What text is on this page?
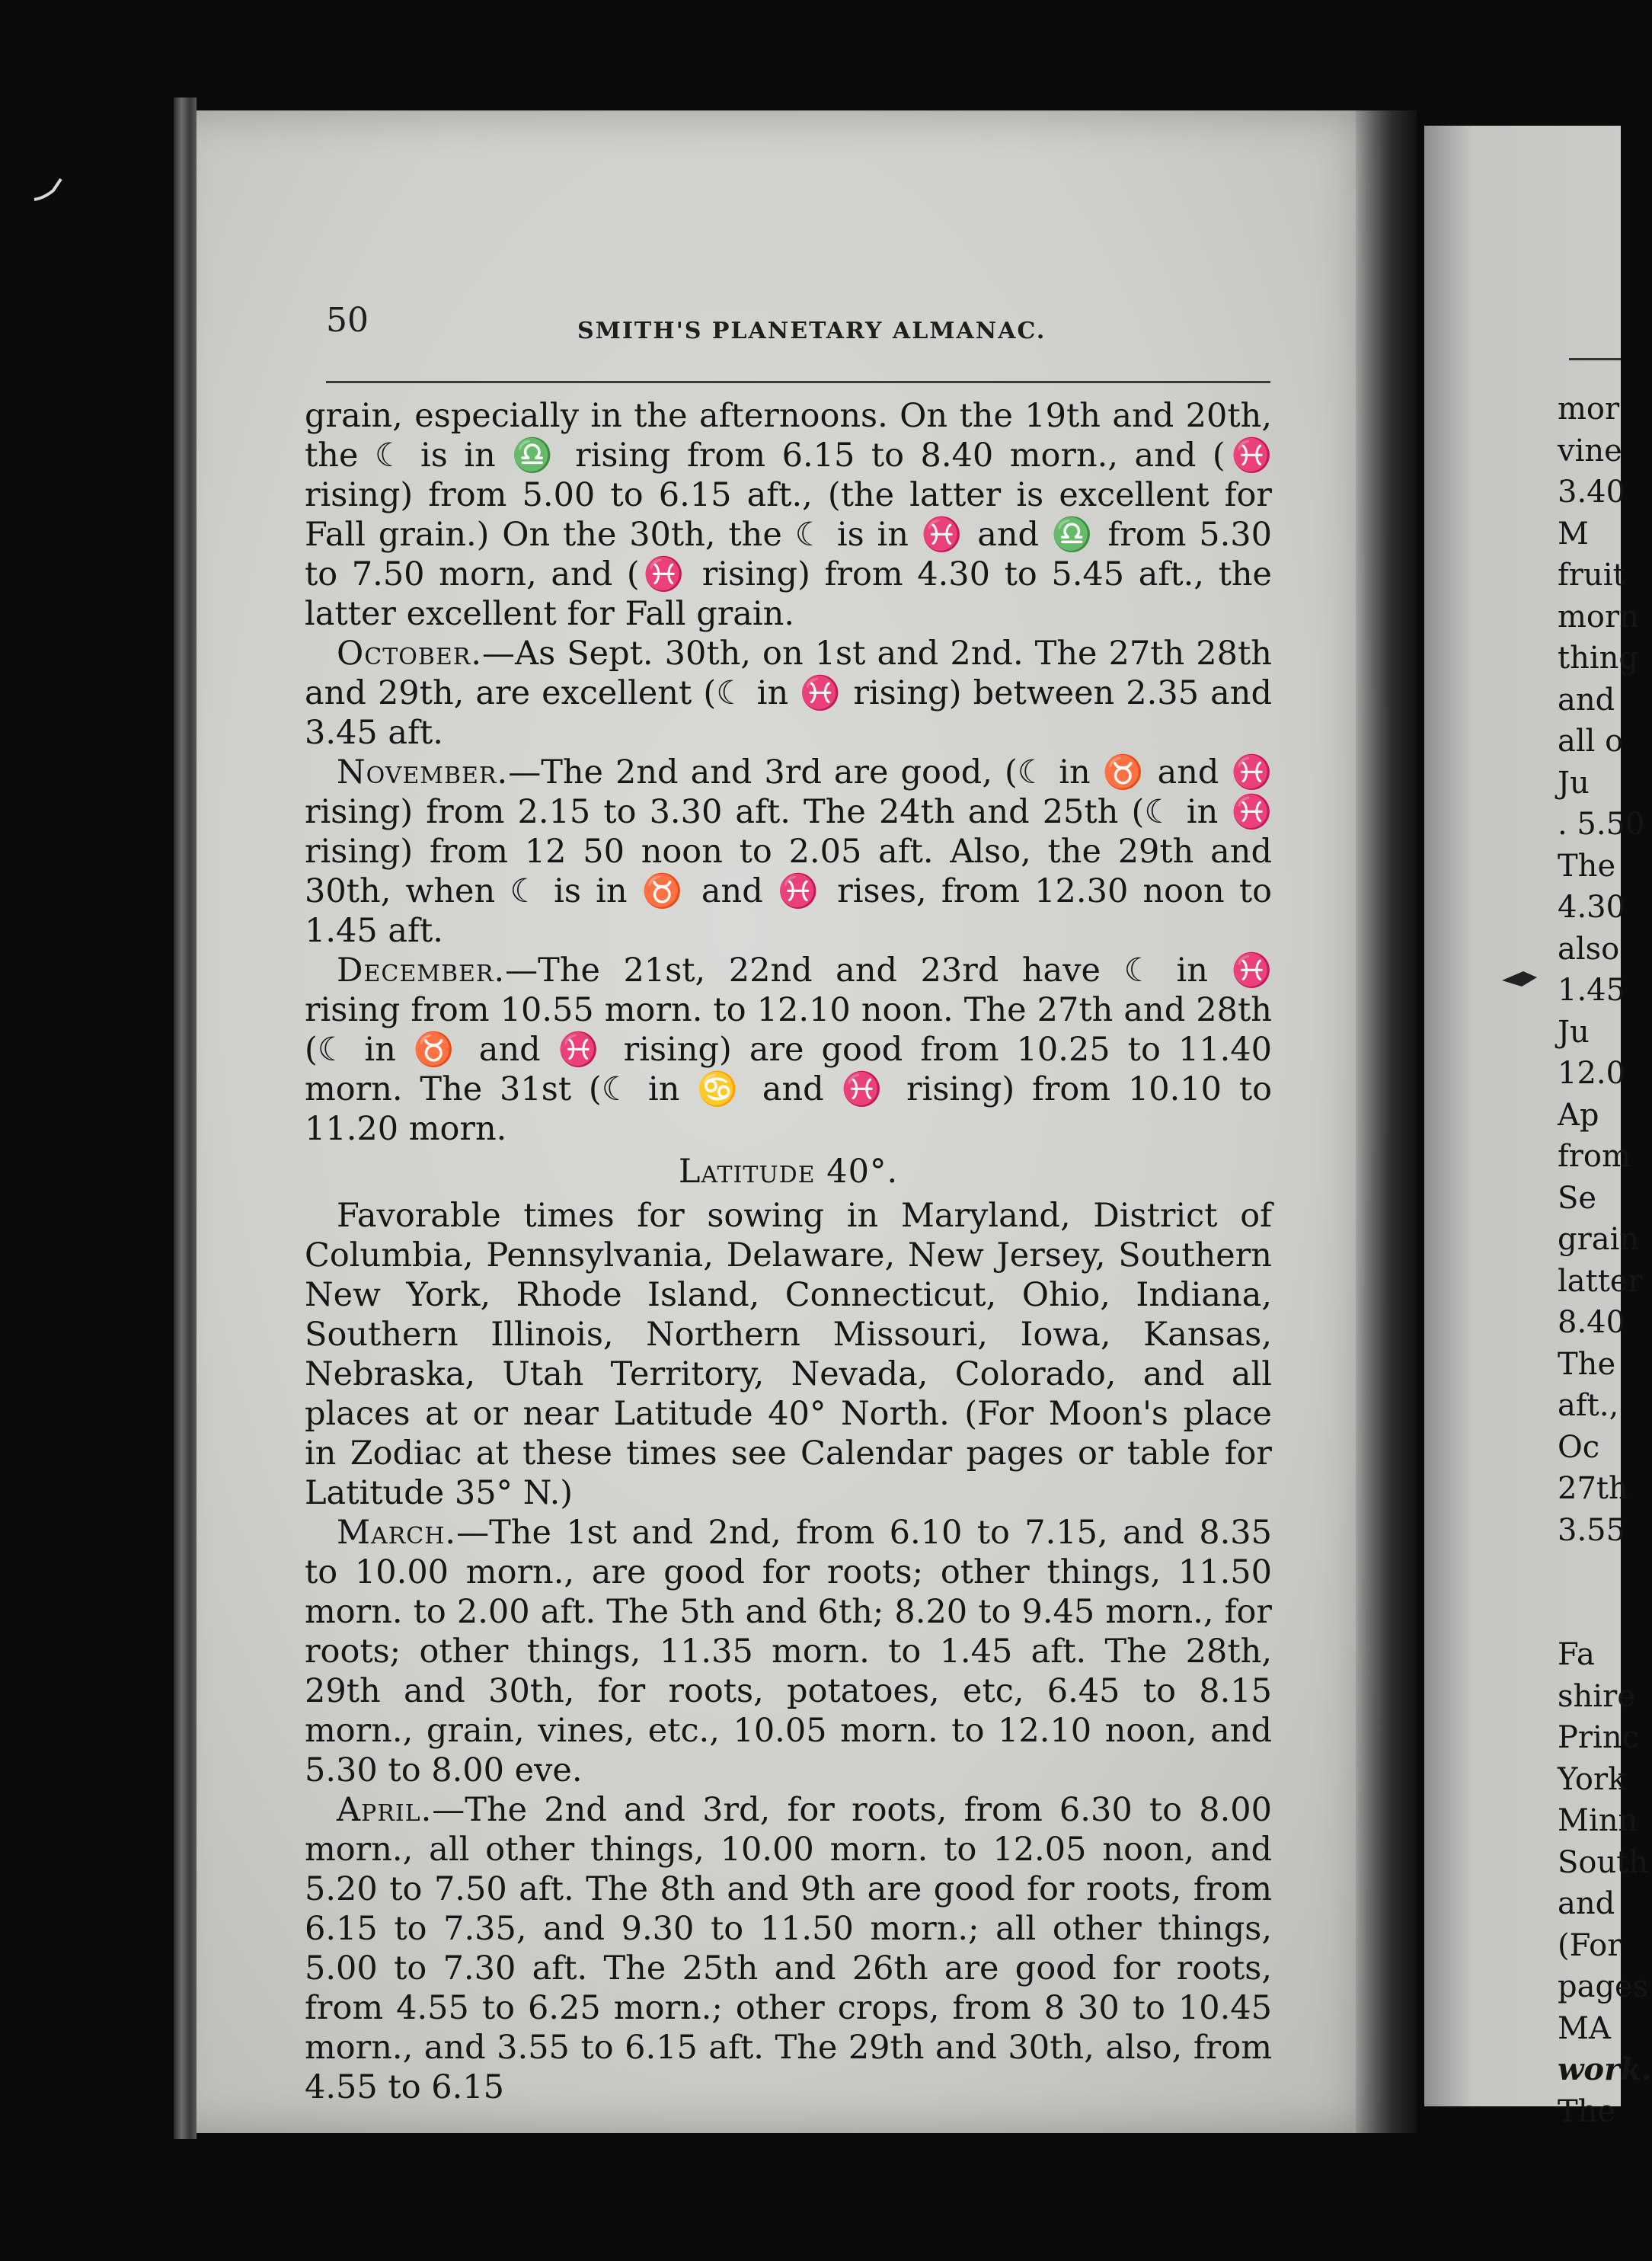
50	SMITH'S PLANETARY ALMANAC.

grain, especially in the afternoons. On the 19th and 20th, the ☾ is in ♎ rising from 6.15 to 8.40 morn., and (♓ rising) from 5.00 to 6.15 aft., (the latter is excellent for Fall grain.) On the 30th, the ☾ is in ♓ and ♎ from 5.30 to 7.50 morn, and (♓ rising) from 4.30 to 5.45 aft., the latter excellent for Fall grain.

October.—As Sept. 30th, on 1st and 2nd. The 27th 28th and 29th, are excellent (☾ in ♓ rising) between 2.35 and 3.45 aft.

November.—The 2nd and 3rd are good, (☾ in ♉ and ♓ rising) from 2.15 to 3.30 aft. The 24th and 25th (☾ in ♓ rising) from 12 50 noon to 2.05 aft. Also, the 29th and 30th, when ☾ is in ♉ and ♓ rises, from 12.30 noon to 1.45 aft.

December.—The 21st, 22nd and 23rd have ☾ in ♓ rising from 10.55 morn. to 12.10 noon. The 27th and 28th (☾ in ♉ and ♓ rising) are good from 10.25 to 11.40 morn. The 31st (☾ in ♋ and ♓ rising) from 10.10 to 11.20 morn.

Latitude 40°.

Favorable times for sowing in Maryland, District of Columbia, Pennsylvania, Delaware, New Jersey, Southern New York, Rhode Island, Connecticut, Ohio, Indiana, Southern Illinois, Northern Missouri, Iowa, Kansas, Nebraska, Utah Territory, Nevada, Colorado, and all places at or near Latitude 40° North. (For Moon's place in Zodiac at these times see Calendar pages or table for Latitude 35° N.)

March.—The 1st and 2nd, from 6.10 to 7.15, and 8.35 to 10.00 morn., are good for roots; other things, 11.50 morn. to 2.00 aft. The 5th and 6th; 8.20 to 9.45 morn., for roots; other things, 11.35 morn. to 1.45 aft. The 28th, 29th and 30th, for roots, potatoes, etc, 6.45 to 8.15 morn., grain, vines, etc., 10.05 morn. to 12.10 noon, and 5.30 to 8.00 eve.

April.—The 2nd and 3rd, for roots, from 6.30 to 8.00 morn., all other things, 10.00 morn. to 12.05 noon, and 5.20 to 7.50 aft. The 8th and 9th are good for roots, from 6.15 to 7.35, and 9.30 to 11.50 morn.; all other things, 5.00 to 7.30 aft. The 25th and 26th are good for roots, from 4.55 to 6.25 morn.; other crops, from 8 30 to 10.45 morn., and 3.55 to 6.15 aft. The 29th and 30th, also, from 4.55 to 6.15

mor
vine
3.40
M
fruit
morn
thing
and
all o
Ju
. 5.50
The
4.30
also
1.45
Ju
12.0
Ap
from
Se
grain
latter
8.40
The
aft.,
Oc
27th
3.55
Fa
shire
Princ
York
Minn
South
and
(For
pages
MA
work.
The
